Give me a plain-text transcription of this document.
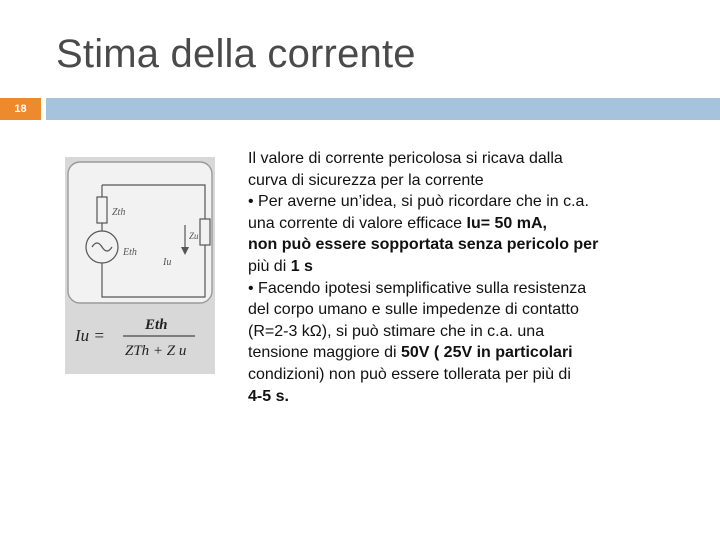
Stima della corrente
18
Zth
Eth
Zu
Iu
Iu =
Eth
ZTh + Z u

Il valore di corrente pericolosa si ricava dalla

curva di sicurezza per la corrente

• Per averne un’idea, si può ricordare che in c.a.

una corrente di valore efficace Iu= 50 mA,

non può essere sopportata senza pericolo per

più di 1 s

• Facendo ipotesi semplificative sulla resistenza

del corpo umano e sulle impedenze di contatto

(R=2-3 kΩ), si può stimare che in c.a. una

tensione maggiore di 50V ( 25V in particolari

condizioni) non può essere tollerata per più di

4-5 s.
